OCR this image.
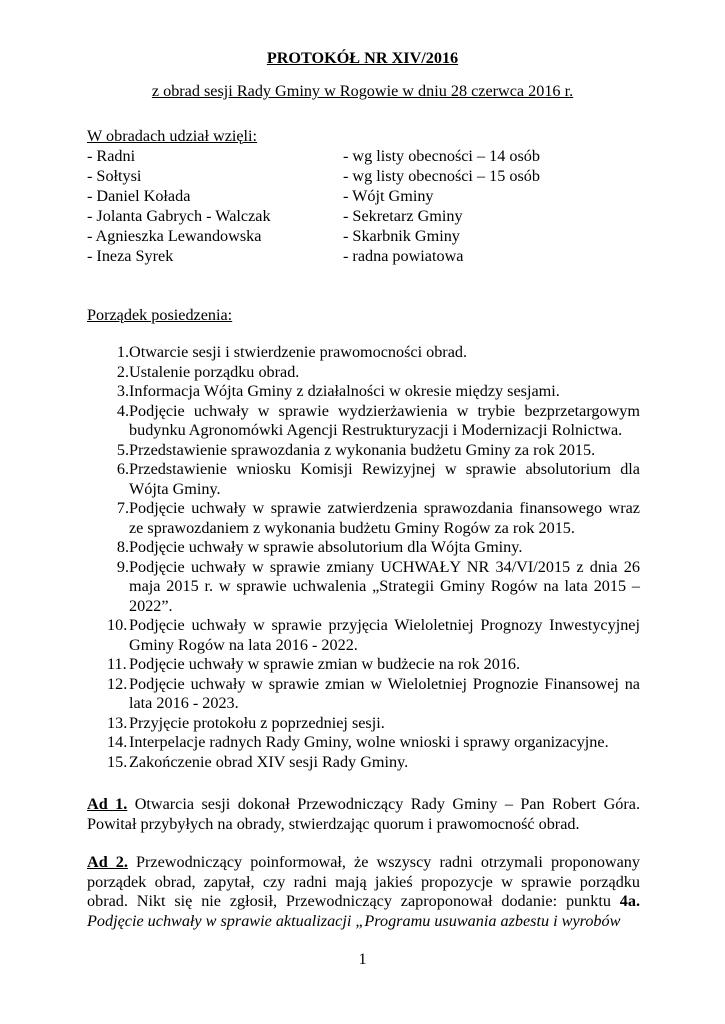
PROTOKÓŁ NR XIV/2016

z obrad sesji Rady Gminy w Rogowie w dniu 28 czerwca 2016 r.

W obradach udział wzięli:

- Radni	- wg listy obecności – 14 osób
- Sołtysi	- wg listy obecności – 15 osób
- Daniel Kołada	- Wójt Gminy
- Jolanta Gabrych - Walczak	- Sekretarz Gminy
- Agnieszka Lewandowska	- Skarbnik Gminy
- Ineza Syrek	- radna powiatowa

Porządek posiedzenia:

1. Otwarcie sesji i stwierdzenie prawomocności obrad.
2. Ustalenie porządku obrad.
3. Informacja Wójta Gminy z działalności w okresie między sesjami.
4. Podjęcie uchwały w sprawie wydzierżawienia w trybie bezprzetargowym budynku Agronomówki Agencji Restrukturyzacji i Modernizacji Rolnictwa.
5. Przedstawienie sprawozdania z wykonania budżetu Gminy za rok 2015.
6. Przedstawienie wniosku Komisji Rewizyjnej w sprawie absolutorium dla Wójta Gminy.
7. Podjęcie uchwały w sprawie zatwierdzenia sprawozdania finansowego wraz ze sprawozdaniem z wykonania budżetu Gminy Rogów za rok 2015.
8. Podjęcie uchwały w sprawie absolutorium dla Wójta Gminy.
9. Podjęcie uchwały w sprawie zmiany UCHWAŁY NR 34/VI/2015 z dnia 26 maja 2015 r. w sprawie uchwalenia „Strategii Gminy Rogów na lata 2015 – 2022”.
10. Podjęcie uchwały w sprawie przyjęcia Wieloletniej Prognozy Inwestycyjnej Gminy Rogów na lata 2016 - 2022.
11. Podjęcie uchwały w sprawie zmian w budżecie na rok 2016.
12. Podjęcie uchwały w sprawie zmian w Wieloletniej Prognozie Finansowej na lata 2016 - 2023.
13. Przyjęcie protokołu z poprzedniej sesji.
14. Interpelacje radnych Rady Gminy, wolne wnioski i sprawy organizacyjne.
15. Zakończenie obrad XIV sesji Rady Gminy.

Ad 1. Otwarcia sesji dokonał Przewodniczący Rady Gminy – Pan Robert Góra. Powitał przybyłych na obrady, stwierdzając quorum i prawomocność obrad.

Ad 2. Przewodniczący poinformował, że wszyscy radni otrzymali proponowany porządek obrad, zapytał, czy radni mają jakieś propozycje w sprawie porządku obrad. Nikt się nie zgłosił, Przewodniczący zaproponował dodanie: punktu 4a. Podjęcie uchwały w sprawie aktualizacji „Programu usuwania azbestu i wyrobów

1
